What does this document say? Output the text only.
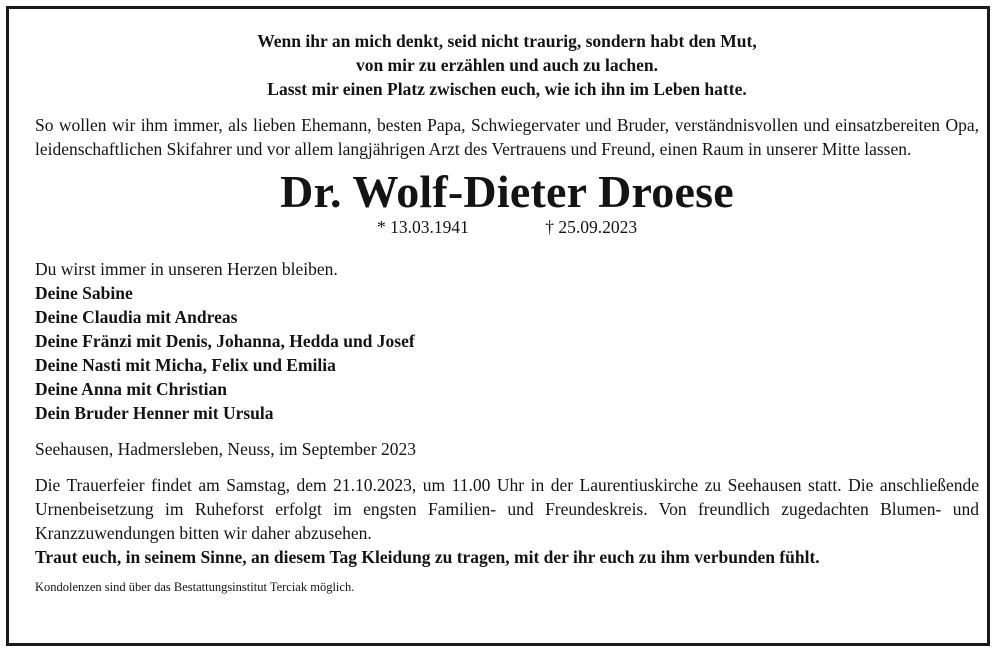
Wenn ihr an mich denkt, seid nicht traurig, sondern habt den Mut,
von mir zu erzählen und auch zu lachen.
Lasst mir einen Platz zwischen euch, wie ich ihn im Leben hatte.

So wollen wir ihm immer, als lieben Ehemann, besten Papa, Schwiegervater und Bruder, verständnisvollen und einsatzbereiten Opa, leidenschaftlichen Skifahrer und vor allem langjährigen Arzt des Vertrauens und Freund, einen Raum in unserer Mitte lassen.

Dr. Wolf-Dieter Droese
* 13.03.1941	† 25.09.2023
Du wirst immer in unseren Herzen bleiben.
Deine Sabine
Deine Claudia mit Andreas
Deine Fränzi mit Denis, Johanna, Hedda und Josef
Deine Nasti mit Micha, Felix und Emilia
Deine Anna mit Christian
Dein Bruder Henner mit Ursula
Seehausen, Hadmersleben, Neuss, im September 2023

Die Trauerfeier findet am Samstag, dem 21.10.2023, um 11.00 Uhr in der Laurentiuskirche zu Seehausen statt. Die anschließende Urnenbeisetzung im Ruheforst erfolgt im engsten Familien- und Freundeskreis. Von freundlich zugedachten Blumen- und Kranzzuwendungen bitten wir daher abzusehen.

Traut euch, in seinem Sinne, an diesem Tag Kleidung zu tragen, mit der ihr euch zu ihm verbunden fühlt.

Kondolenzen sind über das Bestattungsinstitut Terciak möglich.
